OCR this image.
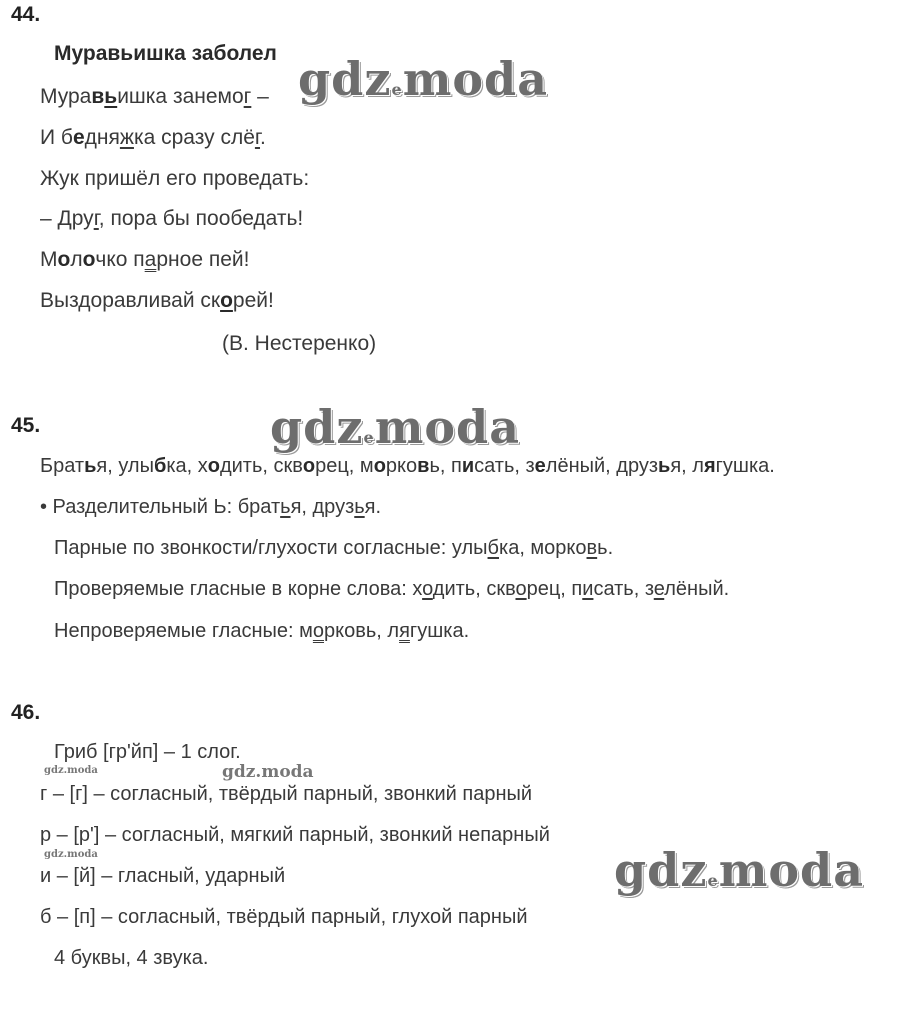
44.

Муравьишка заболел

Муравьишка занемог –

И бедняжка сразу слёг.

Жук пришёл его проведать:

– Друг, пора бы пообедать!

Молочко парное пей!

Выздоравливай скорей!

(В. Нестеренко)

45.

Братья, улыбка, ходить, скворец, морковь, писать, зелёный, друзья, лягушка.

• Разделительный Ь: братья, друзья.

Парные по звонкости/глухости согласные: улыбка, морковь.

Проверяемые гласные в корне слова: ходить, скворец, писать, зелёный.

Непроверяемые гласные: морковь, лягушка.

46.

Гриб [гр'йп] – 1 слог.

г – [г] – согласный, твёрдый парный, звонкий парный

р – [р'] – согласный, мягкий парный, звонкий непарный

и – [й] – гласный, ударный

б – [п] – согласный, твёрдый парный, глухой парный

4 буквы, 4 звука.

gdzemoda
gdzemoda
gdzemoda
gdz.moda
gdz.moda
gdz.moda
